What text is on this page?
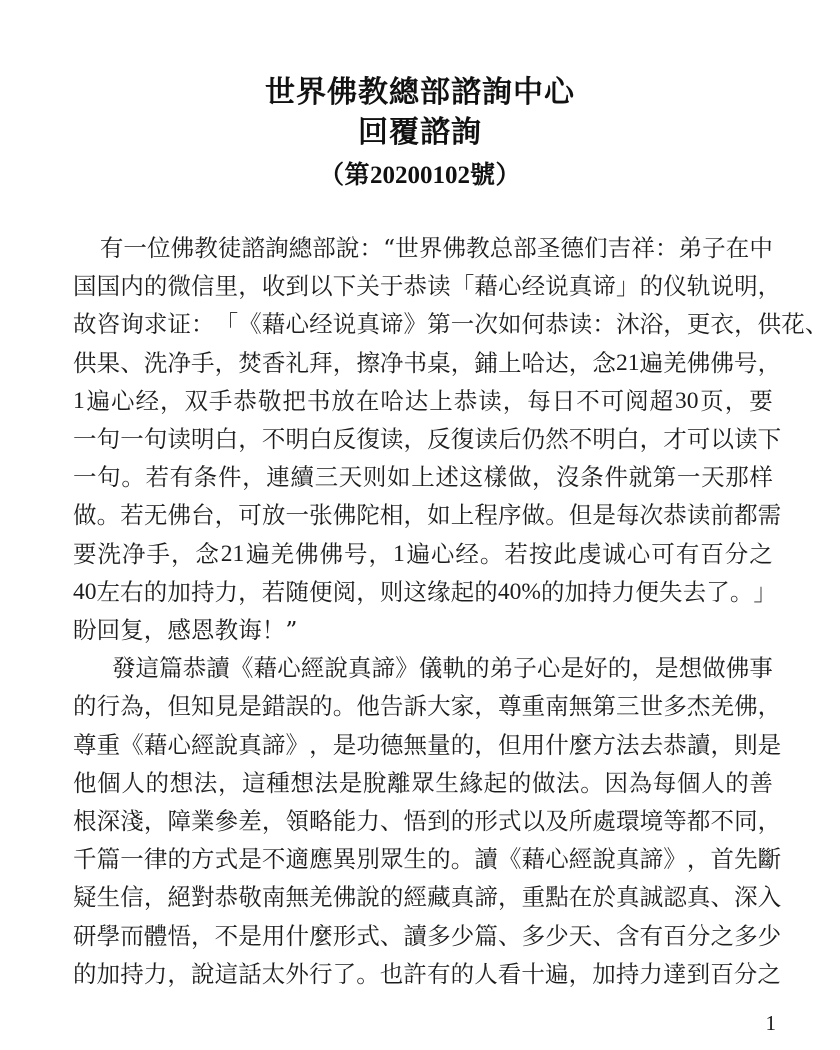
世界佛教總部諮詢中心
回覆諮詢
（第20200102號）

有 一 位 佛 教 徒 諮 詢 總 部 說 ： “ 世 界 佛 教 总 部 圣 德 们 吉 祥 ： 弟 子 在 中
国 国 内 的 微 信 里 ， 收 到 以 下 关 于 恭 读 「 藉 心 经 说 真 谛 」 的 仪 轨 说 明 ，
故 咨 询 求 证 ： 「 《 藉 心 经 说 真 谛 》 第 一 次 如 何 恭 读 ： 沐 浴 ， 更 衣 ， 供 花 、
供 果 、 洗 净 手 ， 焚 香 礼 拜 ， 擦 净 书 桌 ， 鋪 上 哈 达 ， 念 21 遍 羌 佛 佛 号 ，
1 遍 心 经 ， 双 手 恭 敬 把 书 放 在 哈 达 上 恭 读 ， 每 日 不 可 阅 超 30 页 ， 要
一 句 一 句 读 明 白 ， 不 明 白 反 復 读 ， 反 復 读 后 仍 然 不 明 白 ， 才 可 以 读 下
一 句 。 若 有 条 件 ， 連 續 三 天 则 如 上 述 这 樣 做 ， 沒 条 件 就 第 一 天 那 样
做 。 若 无 佛 台 ， 可 放 一 张 佛 陀 相 ， 如 上 程 序 做 。 但 是 每 次 恭 读 前 都 需
要 洗 净 手 ， 念 21 遍 羌 佛 佛 号 ， 1 遍 心 经 。 若 按 此 虔 诚 心 可 有 百 分 之
40 左 右 的 加 持 力 ， 若 随 便 阅 ， 则 这 缘 起 的 40% 的 加 持 力 便 失 去 了 。 」
盼回复，感恩教诲！”

發 這 篇 恭 讀 《 藉 心 經 說 真 諦 》 儀 軌 的 弟 子 心 是 好 的 ， 是 想 做 佛 事
的 行 為 ， 但 知 見 是 錯 誤 的 。 他 告 訴 大 家 ， 尊 重 南 無 第 三 世 多 杰 羌 佛 ，
尊 重 《 藉 心 經 說 真 諦 》 ， 是 功 德 無 量 的 ， 但 用 什 麼 方 法 去 恭 讀 ， 則 是
他 個 人 的 想 法 ， 這 種 想 法 是 脫 離 眾 生 緣 起 的 做 法 。 因 為 每 個 人 的 善
根 深 淺 ， 障 業 參 差 ， 領 略 能 力 、 悟 到 的 形 式 以 及 所 處 環 境 等 都 不 同 ，
千 篇 一 律 的 方 式 是 不 適 應 異 別 眾 生 的 。 讀 《 藉 心 經 說 真 諦 》 ， 首 先 斷
疑 生 信 ， 絕 對 恭 敬 南 無 羌 佛 說 的 經 藏 真 諦 ， 重 點 在 於 真 誠 認 真 、 深 入
研 學 而 體 悟 ， 不 是 用 什 麼 形 式 、 讀 多 少 篇 、 多 少 天 、 含 有 百 分 之 多 少
的加持力，說這話太外行了。也許有的人看十遍，加持力達到百分之

1
